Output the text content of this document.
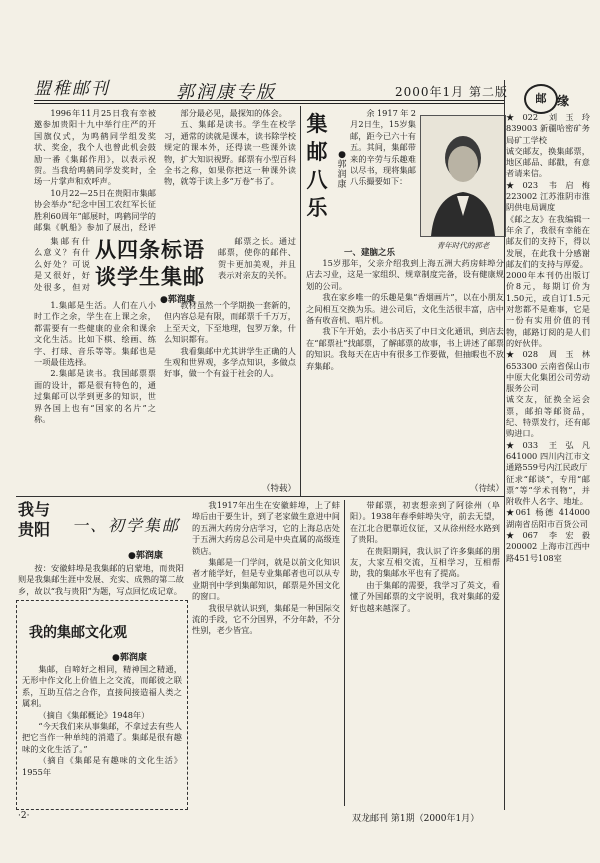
盟稚邮刊	郭润康专版	2000年1月 第二版

1996年11月25日我有幸被邀参加贵阳十九中举行庄严的开国旗仪式，为鸣鹤同学组发奖状、奖金，我个人也曾此机会鼓励一番《集邮作用》，以表示祝贺。当我给鸣鹤同学发奖时，全场一片掌声和欢呼声。

10月22—25日在贵阳市集邮协会举办“纪念中国工农红军长征胜利60周年”邮展时，鸣鹤同学的邮集《帆船》参加了展出，经评

部分最必见，最探知的体会。

五、集邮是读书。学生在校学习，通常的读就是课本，读书除学校规定的课本外，还得读一些课外读物，扩大知识视野。邮票有小型百科全书之称，如果你把这一种课外读物，就等于读上多“万卷”书了。

从四条标语谈学生集邮
●郭润康

集邮有什么意义？有什么好处？可说是又很好，好处很多，但对

1.集邮是生活。人们在八小时工作之余，学生在上课之余，都需要有一些健康的业余和课余文化生活。比如下棋、绘画、练字、打球、音乐等等。集邮也是一项最佳选择。

2.集邮是读书。我国邮票票面的设计，都是很有特色的，通过集邮可以学到更多的知识，世界各国上也有“国家的名片”之称。

邮票之长。通过邮票，使你的邮件、贺卡更加美观，并且表示对亲友的关怀。

教材虽然一个学期换一套新的，但内容总是有限，而邮票千千万万，上至天文，下至地理，包罗万象，什么知识都有。

我看集邮中尤其讲学生正确的人生观和世界观，多学点知识，多做点好事，做一个有益于社会的人。

（特载）
集邮八乐
●郭润康

余1917年2月2日生，15岁集邮，距今已六十有五。其间，集邮带来的辛劳与乐趣难以尽书，现将集邮八乐撮要如下：

青年时代的郭老
一、建脑之乐

15岁那年，父亲介绍我到上海五洲大药房蚌埠分店去习业，这是一家组织、规章制度完备，设有健康规划的公司。

我在家乡唯一的乐趣是集“香烟画片”，以在小朋友之间相互交换为乐。进公司后，文化生活很丰富，店中备有收音机、唱片机。

我下午开始，去小书店买了中日文化通讯，到店去在“邮票社”找邮票，了解邮票的故事，书上讲述了邮票的知识。我每天在店中有很多工作要做，但抽暇也不放弃集邮。

（待续）
邮 缘

★022 刘玉玲 839003 新疆哈密矿务局矿工学校

诚交邮友，换集邮票，地区邮品、邮戳，有意者请来信。

★023 韦启梅 223002 江苏淮阴市淮阴供电局调度

《邮之友》在我编辑一年余了，我很有幸能在邮友们的支持下，得以发展，在此我十分感谢邮友们的支持与厚爱。

2000年本刊仍出版订价8元，每期订价为1.50元，或自订1.5元对您都不是难事，它是一份有实用价值的刊物，邮路订阅的是人们的好伙伴。

★028 周玉林 653300 云南省保山市中原大化集团公司劳动服务公司

诚交友，征换全运会票，邮拍等邮资品，纪、特票发行，还有邮购进口。

★033 王弘凡 641000 四川内江市文通路559号内江民政厅

征求“邮谈”，专用“邮票”等“学术刊物”，并附收件人名字、地址。

★061 杨德 414000 湖南省岳阳市百货公司

★067 李宏毅 200002 上海市江西中路451号108室

我与
贵阳 一、初学集邮
●郭润康

按：安徽蚌埠是我集邮的启蒙地，而贵阳则是我集邮生涯中发展、充实、成熟的第二故乡，故以“我与贵阳”为题，写点回忆成记章。

我的集邮文化观
●郭润康

集邮，自啼好之相同，精神国之精通，无形中作文化上价值上之交流，而邮彼之联系，互助互信之合作，直接间接造福人类之属利。

（摘自《集邮概论》1948年）

“今天我们来从事集邮，不拿过去有些人把它当作一种单纯的消遣了。集邮是很有趣味的文化生活了。”

（摘自《集邮是有趣味的文化生活》1955年

我1917年出生在安徽蚌埠，上了蚌埠后由于要生计，到了老家做生意进中间的五洲大药房分店学习，它的上海总店处于五洲大药房总公司是中央直属的高级连锁店。

集邮是一门学问，就是以前文化知识者才能学好，但是专业集邮者也可以从专业期刊中学到集邮知识，邮票是外国文化的窗口。

我很早就认识到，集邮是一种国际交流的手段，它不分国界，不分年龄，不分性别，老少皆宜。

带邮票，初衷想亲到了阿徐州（阜阳）。1938年春季蚌埠失守，前去无望，在江北合肥靠近仪征，又从徐州经水路到了贵阳。

在贵阳期间，我认识了许多集邮的朋友，大家互相交流，互相学习，互相帮助，我的集邮水平也有了提高。

由于集邮的需要，我学习了英文，看懂了外国邮票的文字说明，我对集邮的爱好也越来越深了。

·2·	双龙邮刊 第1期（2000年1月）
